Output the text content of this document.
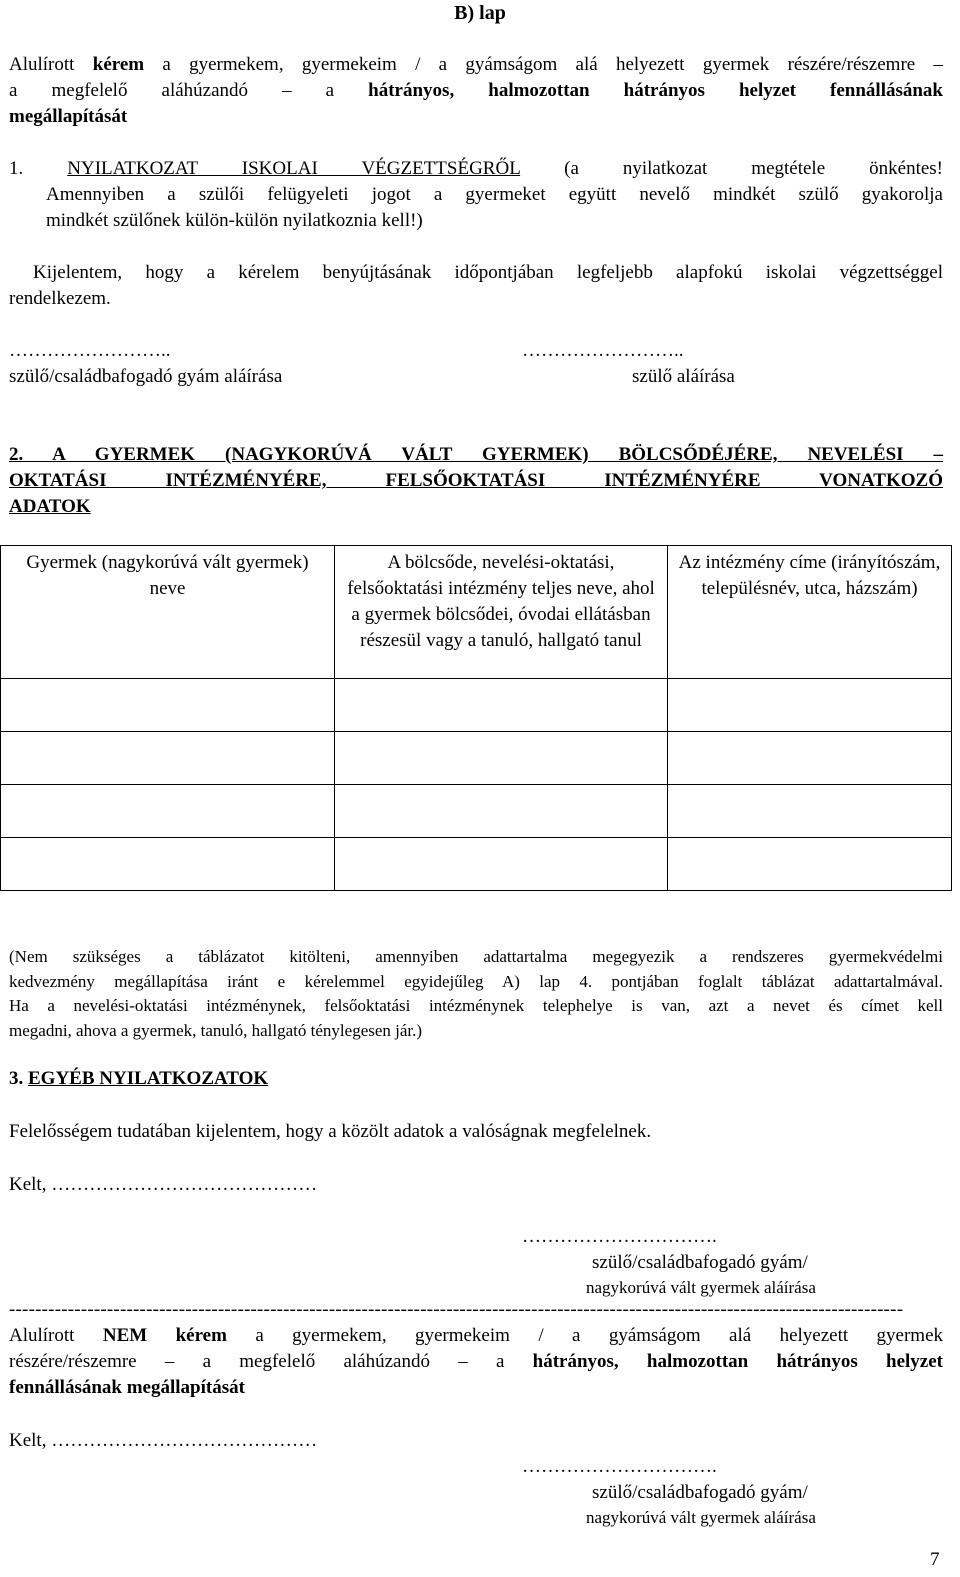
B) lap
Alulírott kérem a gyermekem, gyermekeim / a gyámságom alá helyezett gyermek részére/részemre –
a megfelelő aláhúzandó – a hátrányos, halmozottan hátrányos helyzet fennállásának
megállapítását
1. NYILATKOZAT ISKOLAI VÉGZETTSÉGRŐL (a nyilatkozat megtétele önkéntes!
Amennyiben a szülői felügyeleti jogot a gyermeket együtt nevelő mindkét szülő gyakorolja
mindkét szülőnek külön-külön nyilatkoznia kell!)
Kijelentem, hogy a kérelem benyújtásának időpontjában legfeljebb alapfokú iskolai végzettséggel
rendelkezem.
……………………..	……………………..
szülő/családbafogadó gyám aláírása	szülő aláírása
2. A GYERMEK (NAGYKORÚVÁ VÁLT GYERMEK) BÖLCSŐDÉJÉRE, NEVELÉSI –
OKTATÁSI INTÉZMÉNYÉRE, FELSŐOKTATÁSI INTÉZMÉNYÉRE VONATKOZÓ
ADATOK
Gyermek (nagykorúvá vált gyermek) neve	A bölcsőde, nevelési-oktatási, felsőoktatási intézmény teljes neve, ahol a gyermek bölcsődei, óvodai ellátásban részesül vagy a tanuló, hallgató tanul	Az intézmény címe (irányítószám, településnév, utca, házszám)

(Nem szükséges a táblázatot kitölteni, amennyiben adattartalma megegyezik a rendszeres gyermekvédelmi
kedvezmény megállapítása iránt e kérelemmel egyidejűleg A) lap 4. pontjában foglalt táblázat adattartalmával.
Ha a nevelési-oktatási intézménynek, felsőoktatási intézménynek telephelye is van, azt a nevet és címet kell
megadni, ahova a gyermek, tanuló, hallgató ténylegesen jár.)
3. EGYÉB NYILATKOZATOK
Felelősségem tudatában kijelentem, hogy a közölt adatok a valóságnak megfelelnek.
Kelt, ……………………………………
………………………….
szülő/családbafogadó gyám/
nagykorúvá vált gyermek aláírása
-----------------------------------------------------------------------------------------------------------------------------------------
Alulírott NEM kérem a gyermekem, gyermekeim / a gyámságom alá helyezett gyermek
részére/részemre – a megfelelő aláhúzandó – a hátrányos, halmozottan hátrányos helyzet
fennállásának megállapítását
Kelt, ……………………………………
………………………….
szülő/családbafogadó gyám/
nagykorúvá vált gyermek aláírása
7
